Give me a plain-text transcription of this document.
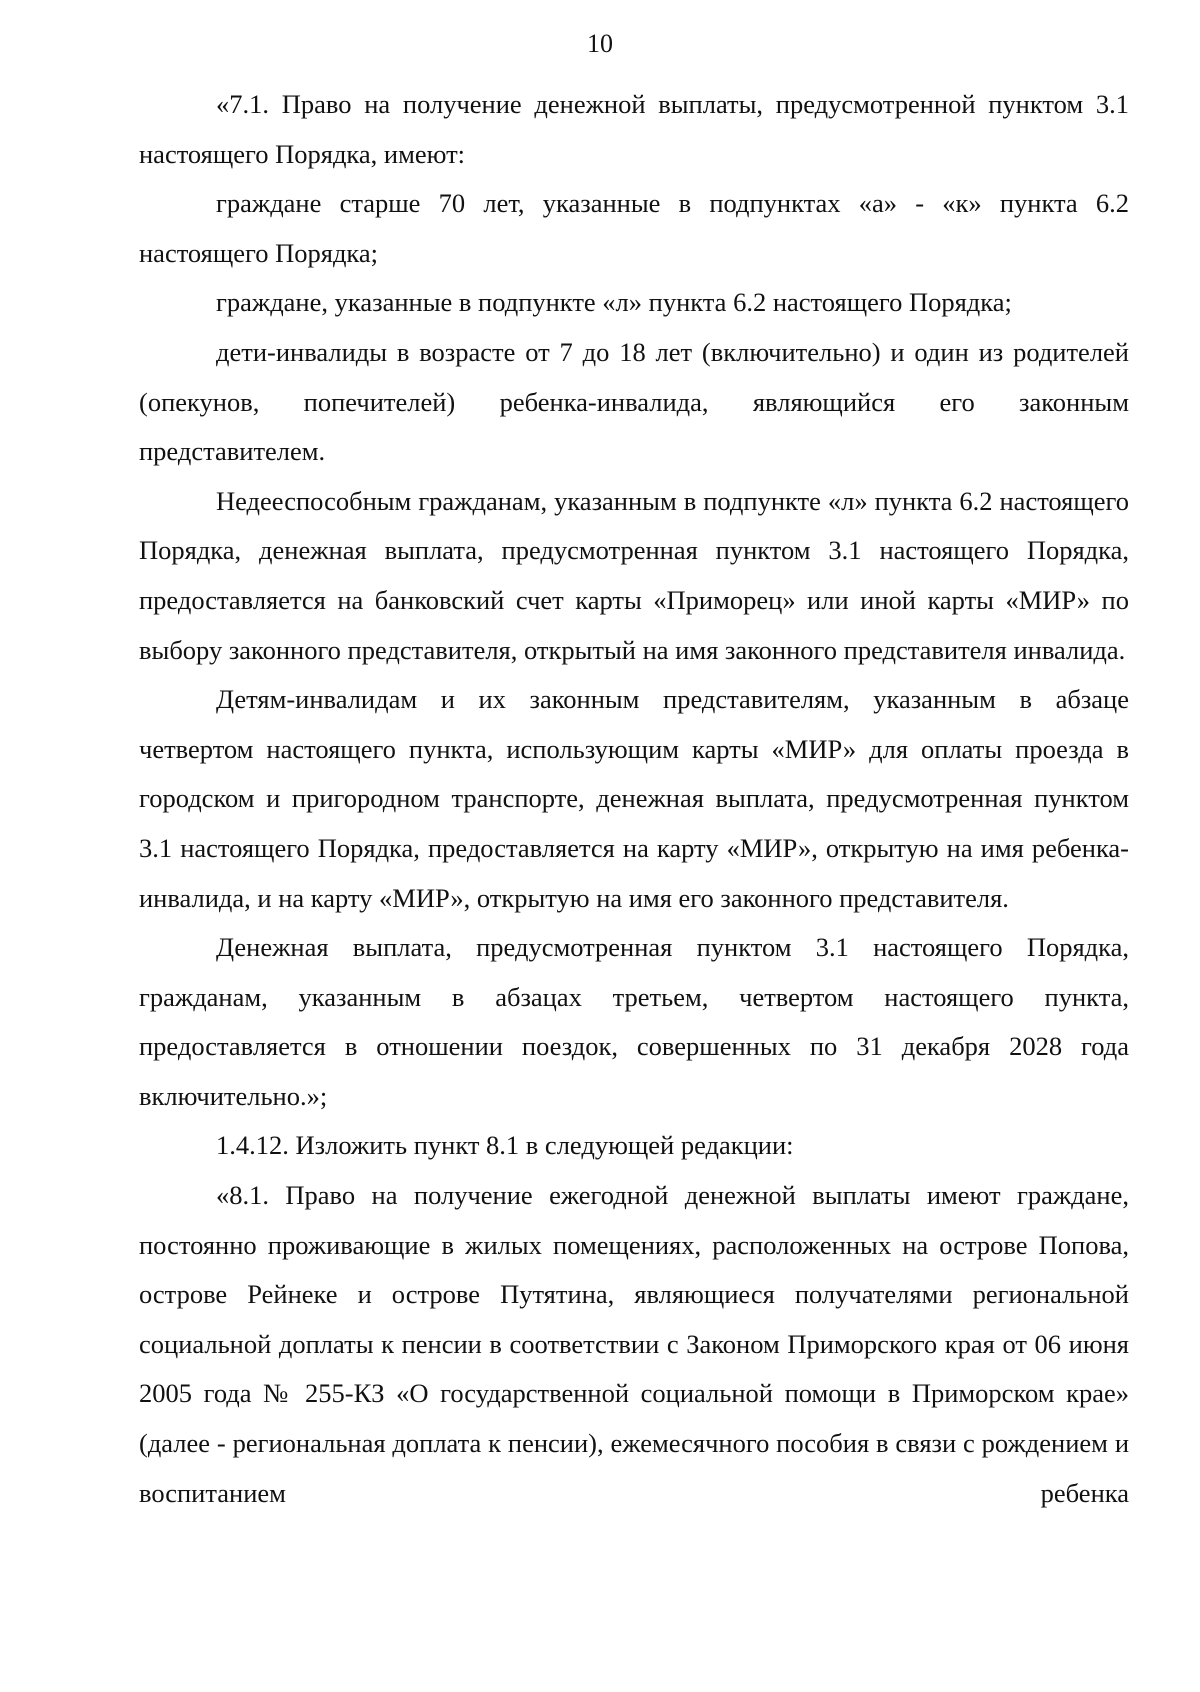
10

«7.1. Право на получение денежной выплаты, предусмотренной пунктом 3.1 настоящего Порядка, имеют:

граждане старше 70 лет, указанные в подпунктах «а» - «к» пункта 6.2 настоящего Порядка;

граждане, указанные в подпункте «л» пункта 6.2 настоящего Порядка;

дети-инвалиды в возрасте от 7 до 18 лет (включительно) и один из родителей (опекунов, попечителей) ребенка-инвалида, являющийся его законным представителем.

Недееспособным гражданам, указанным в подпункте «л» пункта 6.2 настоящего Порядка, денежная выплата, предусмотренная пунктом 3.1 настоящего Порядка, предоставляется на банковский счет карты «Приморец» или иной карты «МИР» по выбору законного представителя, открытый на имя законного представителя инвалида.

Детям-инвалидам и их законным представителям, указанным в абзаце четвертом настоящего пункта, использующим карты «МИР» для оплаты проезда в городском и пригородном транспорте, денежная выплата, предусмотренная пунктом 3.1 настоящего Порядка, предоставляется на карту «МИР», открытую на имя ребенка-инвалида, и на карту «МИР», открытую на имя его законного представителя.

Денежная выплата, предусмотренная пунктом 3.1 настоящего Порядка, гражданам, указанным в абзацах третьем, четвертом настоящего пункта, предоставляется в отношении поездок, совершенных по 31 декабря 2028 года включительно.»;

1.4.12. Изложить пункт 8.1 в следующей редакции:

«8.1. Право на получение ежегодной денежной выплаты имеют граждане, постоянно проживающие в жилых помещениях, расположенных на острове Попова, острове Рейнеке и острове Путятина, являющиеся получателями региональной социальной доплаты к пенсии в соответствии с Законом Приморского края от 06 июня 2005 года № 255-КЗ «О государственной социальной помощи в Приморском крае» (далее - региональная доплата к пенсии), ежемесячного пособия в связи с рождением и воспитанием ребенка
